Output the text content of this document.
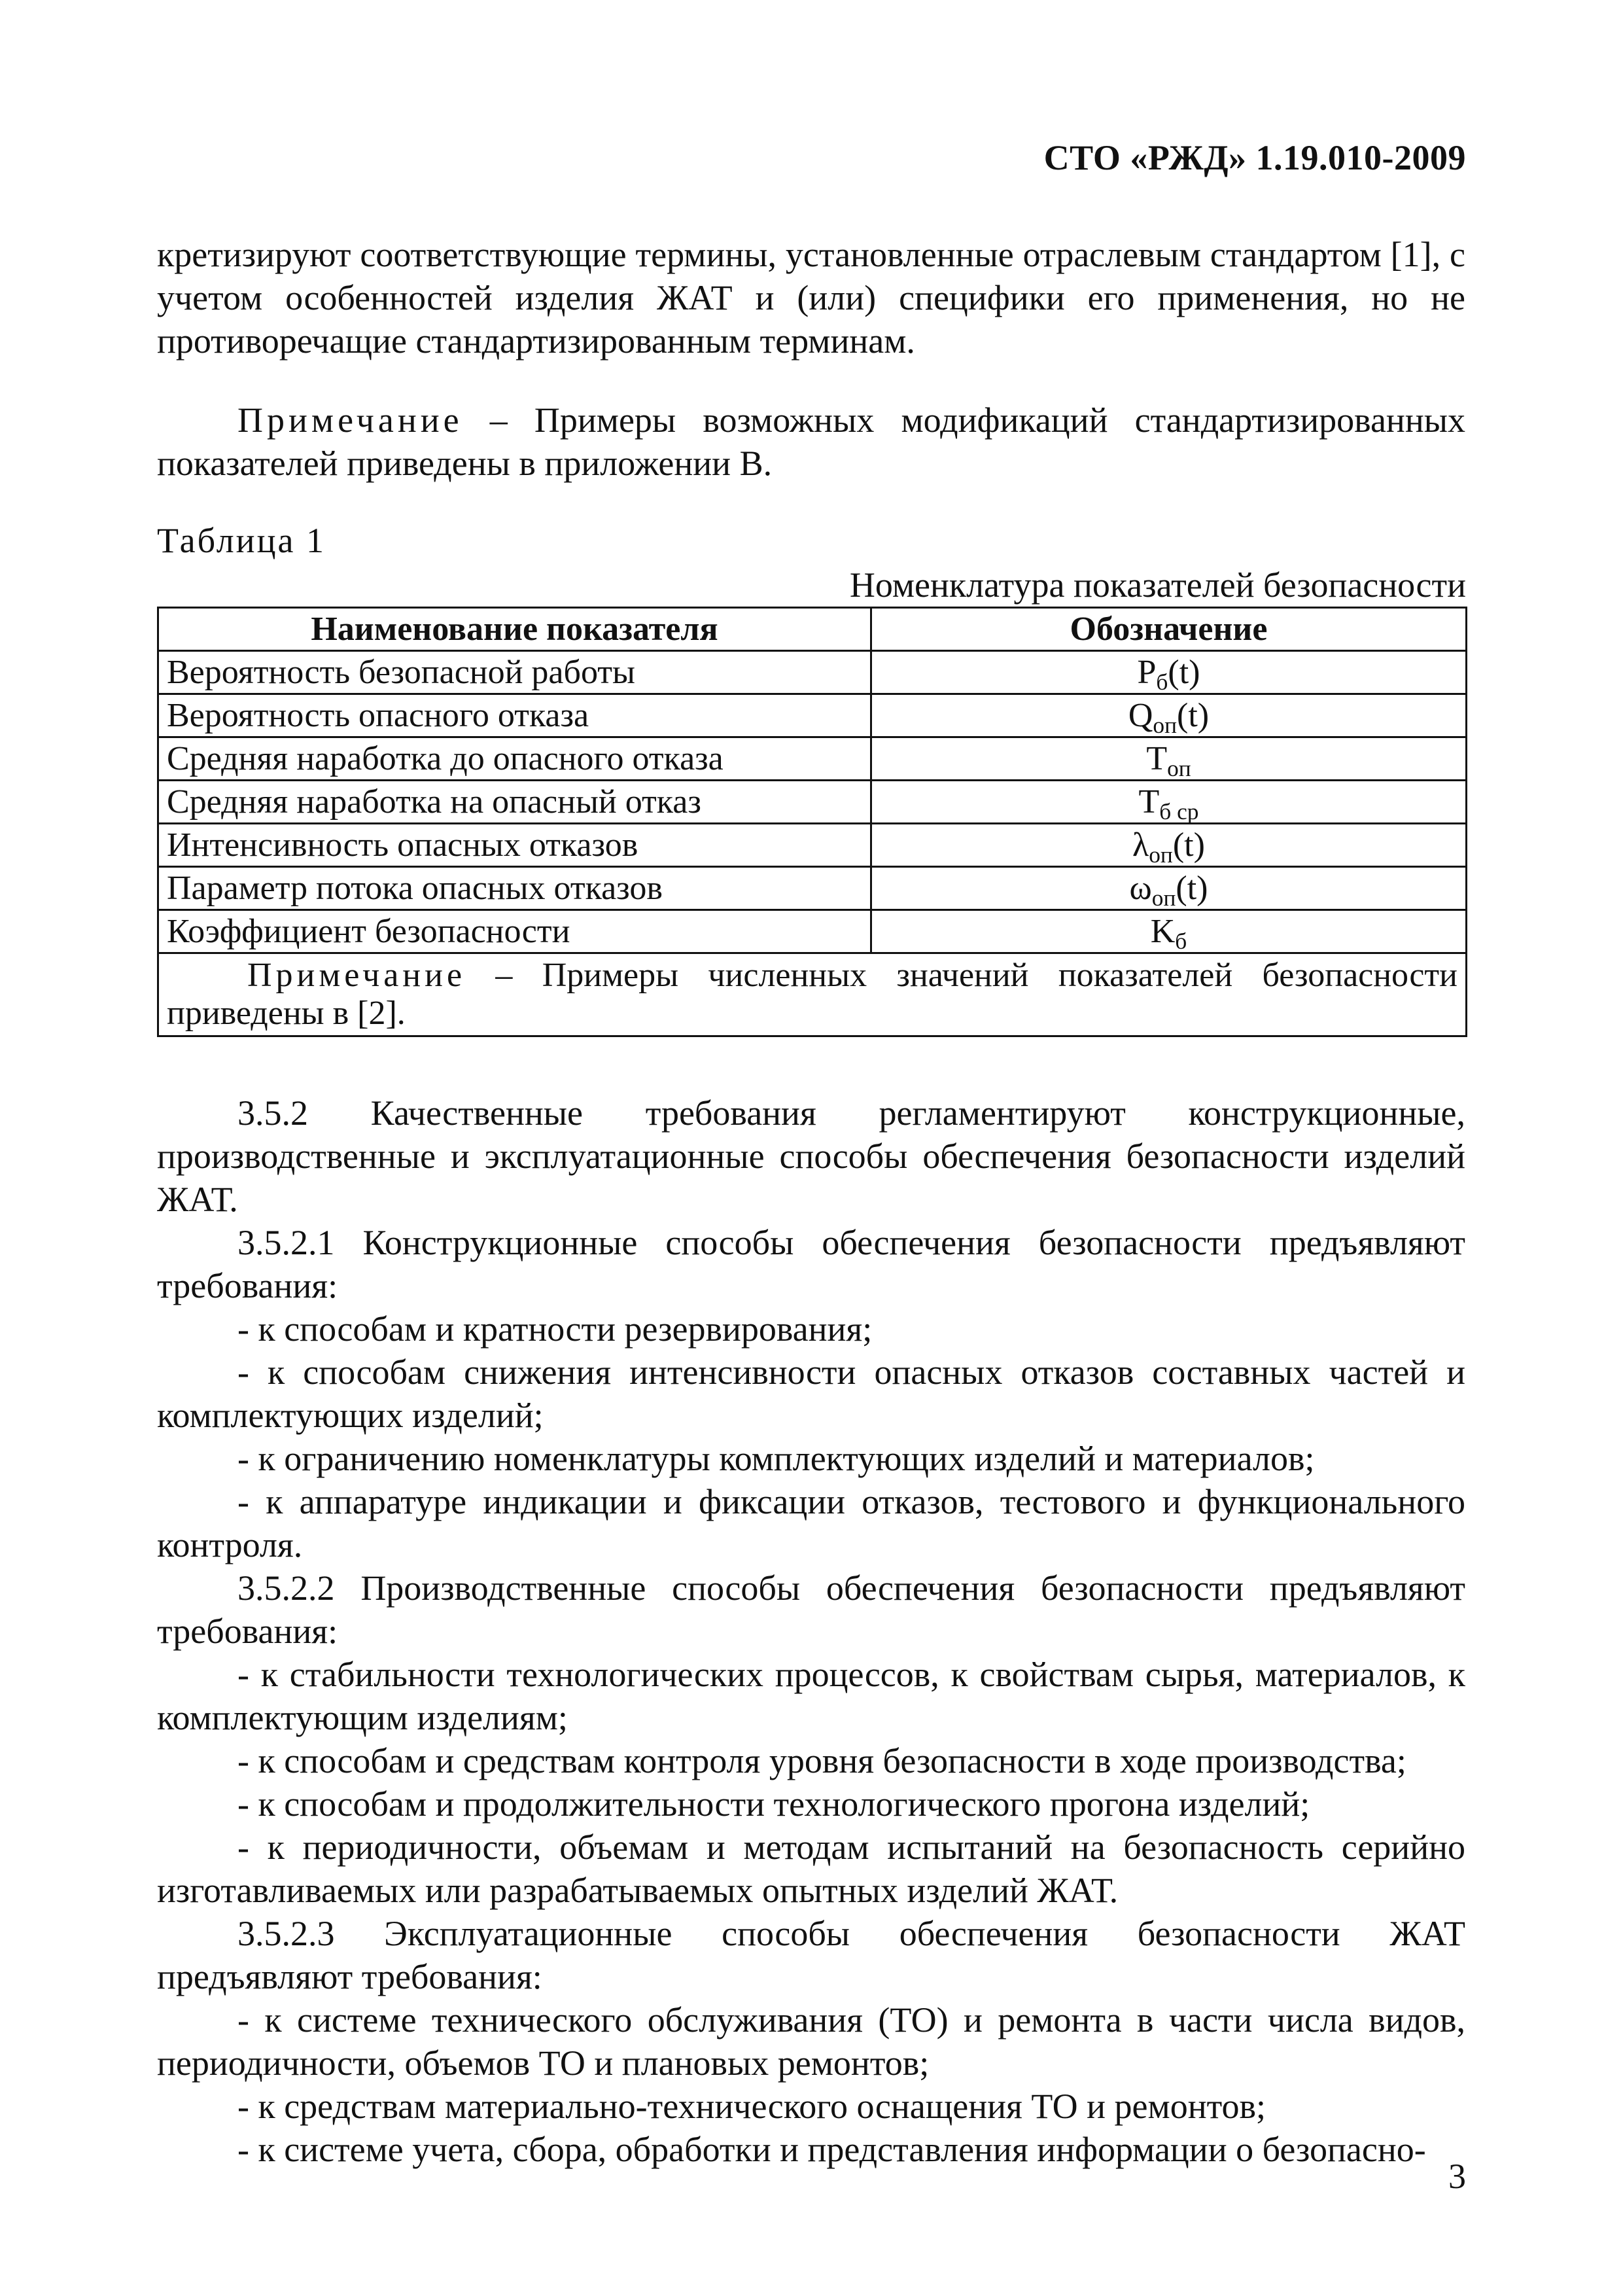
СТО «РЖД» 1.19.010-2009

кретизируют соответствующие термины, установленные отраслевым стандартом [1], с учетом особенностей изделия ЖАТ и (или) специфики его применения, но не противоречащие стандартизированным терминам.

Примечание – Примеры возможных модификаций стандартизированных показателей приведены в приложении В.

Таблица 1
Номенклатура показателей безопасности
Наименование показателя	Обозначение
Вероятность безопасной работы	$P_б(t)$
Вероятность опасного отказа	$Q_{оп}(t)$
Средняя наработка до опасного отказа	$T_{оп}$
Средняя наработка на опасный отказ	$T_{б ср}$
Интенсивность опасных отказов	$\lambda_{оп}(t)$
Параметр потока опасных отказов	$\omega_{оп}(t)$
Коэффициент безопасности	$K_б$
Примечание – Примеры численных значений показателей безопасности приведены в [2].	
3.5.2 Качественные требования регламентируют конструкционные, производственные и эксплуатационные способы обеспечения безопасности изделий ЖАТ.
3.5.2.1 Конструкционные способы обеспечения безопасности предъявляют требования:
- к способам и кратности резервирования;
- к способам снижения интенсивности опасных отказов составных частей и комплектующих изделий;
- к ограничению номенклатуры комплектующих изделий и материалов;
- к аппаратуре индикации и фиксации отказов, тестового и функционального контроля.
3.5.2.2 Производственные способы обеспечения безопасности предъявляют требования:
- к стабильности технологических процессов, к свойствам сырья, материалов, к комплектующим изделиям;
- к способам и средствам контроля уровня безопасности в ходе производства;
- к способам и продолжительности технологического прогона изделий;
- к периодичности, объемам и методам испытаний на безопасность серийно изготавливаемых или разрабатываемых опытных изделий ЖАТ.
3.5.2.3 Эксплуатационные способы обеспечения безопасности ЖАТ предъявляют требования:
- к системе технического обслуживания (ТО) и ремонта в части числа видов, периодичности, объемов ТО и плановых ремонтов;
- к средствам материально-технического оснащения ТО и ремонтов;
- к системе учета, сбора, обработки и представления информации о безопасно-
3
